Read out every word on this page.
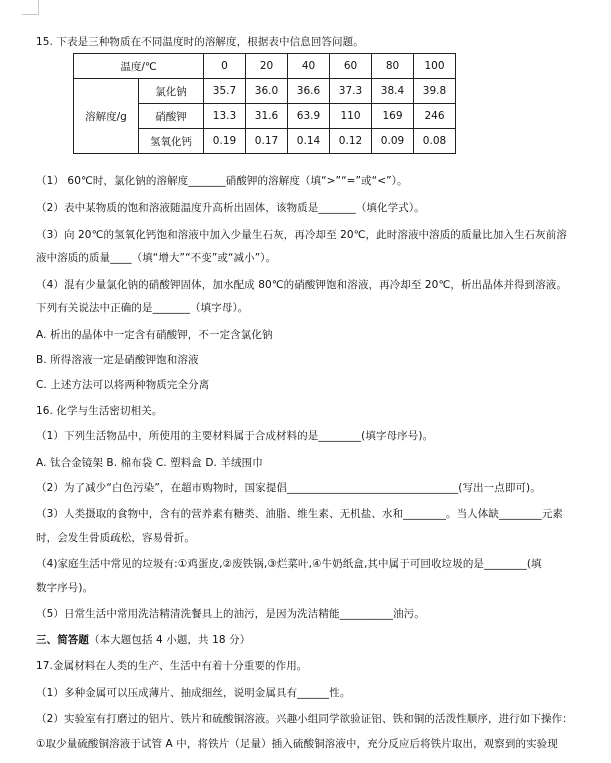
15. 下表是三种物质在不同温度时的溶解度，根据表中信息回答问题。
温度/℃		0	20	40	60	80	100
溶解度/g	氯化钠	35.7	36.0	36.6	37.3	38.4	39.8
	硝酸钾	13.3	31.6	63.9	110	169	246
	氢氧化钙	0.19	0.17	0.14	0.12	0.09	0.08
（1） 60℃时，氯化钠的溶解度_______硝酸钾的溶解度（填“>”“=”或“<”）。
（2）表中某物质的饱和溶液随温度升高析出固体，该物质是_______（填化学式）。
（3）向 20℃的氢氧化钙饱和溶液中加入少量生石灰，再冷却至 20℃，此时溶液中溶质的质量比加入生石灰前溶
液中溶质的质量____（填“增大”“不变”或“减小”）。
（4）混有少量氯化钠的硝酸钾固体，加水配成 80℃的硝酸钾饱和溶液，再冷却至 20℃，析出晶体并得到溶液。
下列有关说法中正确的是_______（填字母）。
A. 析出的晶体中一定含有硝酸钾，不一定含氯化钠
B. 所得溶液一定是硝酸钾饱和溶液
C. 上述方法可以将两种物质完全分离
16. 化学与生活密切相关。
（1）下列生活物品中，所使用的主要材料属于合成材料的是________(填字母序号)。
A. 钛合金镜架 B. 棉布袋 C. 塑料盒 D. 羊绒围巾
（2）为了减少“白色污染”，在超市购物时，国家提倡________________________________(写出一点即可)。
（3）人类摄取的食物中，含有的营养素有糖类、油脂、维生素、无机盐、水和________。当人体缺________元素
时，会发生骨质疏松，容易骨折。
（4)家庭生活中常见的垃圾有:①鸡蛋皮,②废铁锅,③烂菜叶,④牛奶纸盒,其中属于可回收垃圾的是________(填
数字序号)。
（5）日常生活中常用洗洁精清洗餐具上的油污，是因为洗洁精能__________油污。
三、简答题（本大题包括 4 小题，共 18 分）
17.金属材料在人类的生产、生活中有着十分重要的作用。
（1）多种金属可以压成薄片、抽成细丝，说明金属具有______性。
（2）实验室有打磨过的铝片、铁片和硫酸铜溶液。兴趣小组同学欲验证铝、铁和铜的活泼性顺序，进行如下操作：
①取少量硫酸铜溶液于试管 A 中，将铁片（足量）插入硫酸铜溶液中，充分反应后将铁片取出，观察到的实验现
